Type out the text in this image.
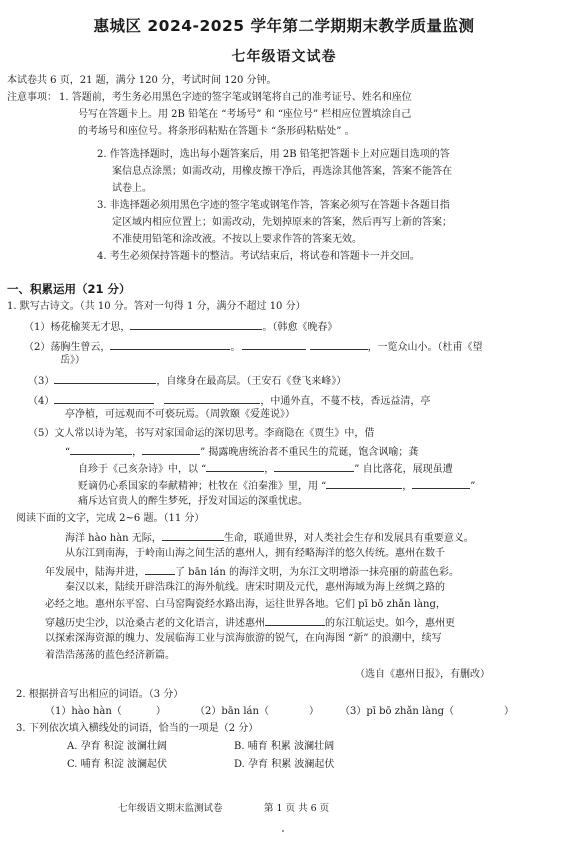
惠城区 2024-2025 学年第二学期期末教学质量监测
七年级语文试卷
本试卷共 6 页，21 题，满分 120 分，考试时间 120 分钟。
注意事项： 1. 答题前，考生务必用黑色字迹的签字笔或钢笔将自己的准考证号、姓名和座位
号写在答题卡上。用 2B 铅笔在 “考场号” 和 “座位号” 栏相应位置填涂自己
的考场号和座位号。将条形码粘贴在答题卡 “条形码粘贴处” 。
2. 作答选择题时，选出每小题答案后，用 2B 铅笔把答题卡上对应题目选项的答
案信息点涂黑；如需改动，用橡皮擦干净后，再选涂其他答案，答案不能答在
试卷上。
3. 非选择题必须用黑色字迹的签字笔或钢笔作答，答案必须写在答题卡各题目指
定区域内相应位置上；如需改动，先划掉原来的答案，然后再写上新的答案；
不准使用铅笔和涂改液。不按以上要求作答的答案无效。
4. 考生必须保持答题卡的整洁。考试结束后，将试卷和答题卡一并交回。
一、积累运用（21 分）
1. 默写古诗文。（共 10 分。答对一句得 1 分，满分不超过 10 分）
（1）杨花榆荚无才思，	。（韩愈《晚春》
（2）荡胸生曾云，	。	，一览众山小。（杜甫《望
岳》）
（3）	，自缘身在最高层。（王安石《登飞来峰》）
（4）	，中通外直，不蔓不枝，香远益清，亭
亭净植，可远观而不可亵玩焉。（周敦颐《爱莲说》）
（5）文人常以诗为笔，书写对家国命运的深切思考。李商隐在《贾生》中，借
“	，	” 揭露晚唐统治者不重民生的荒诞，饱含讽喻；龚
自珍于《己亥杂诗》中，以 “	，	” 自比落花，展现虽遭
贬谪仍心系国家的奉献精神；杜牧在《泊秦淮》里，用 “	，	”
痛斥达官贵人的醉生梦死，抒发对国运的深重忧虑。
阅读下面的文字，完成 2~6 题。（11 分）
海洋 hào hàn 无际，	生命，联通世界，对人类社会生存和发展具有重要意义。
从东江到南海，于岭南山海之间生活的惠州人，拥有经略海洋的悠久传统。惠州在数千
年发展中，陆海并进，	了 bān lán 的海洋文明，为东江文明增添一抹亮丽的蔚蓝色彩。
秦汉以来，陆续开辟浩珠江的海外航线。唐宋时期及元代，惠州海域为海上丝绸之路的
必经之地。惠州东平窑、白马窑陶瓷经水路出海，运往世界各地。它们 pī bō zhǎn làng，
穿越历史尘沙，以沧桑古老的文化语言，讲述惠州	的东江航运史。如今，惠州更
以探索深海资源的魄力、发展临海工业与滨海旅游的锐气，在向海图 “新” 的浪潮中，续写
着浩浩荡荡的蓝色经济新篇。
（选自《惠州日报》，有删改）
2. 根据拼音写出相应的词语。（3 分）
（1）hào hàn（	）	（2）bān lán（	） （3）pī bō zhǎn làng（	）
3. 下列依次填入横线处的词语，恰当的一项是（2 分）
A. 孕育 积淀 波澜壮阔	B. 哺育 积累 波澜壮阔
C. 哺育 积淀 波澜起伏	D. 孕育 积累 波澜起伏
七年级语文期末监测试卷	第 1 页 共 6 页
